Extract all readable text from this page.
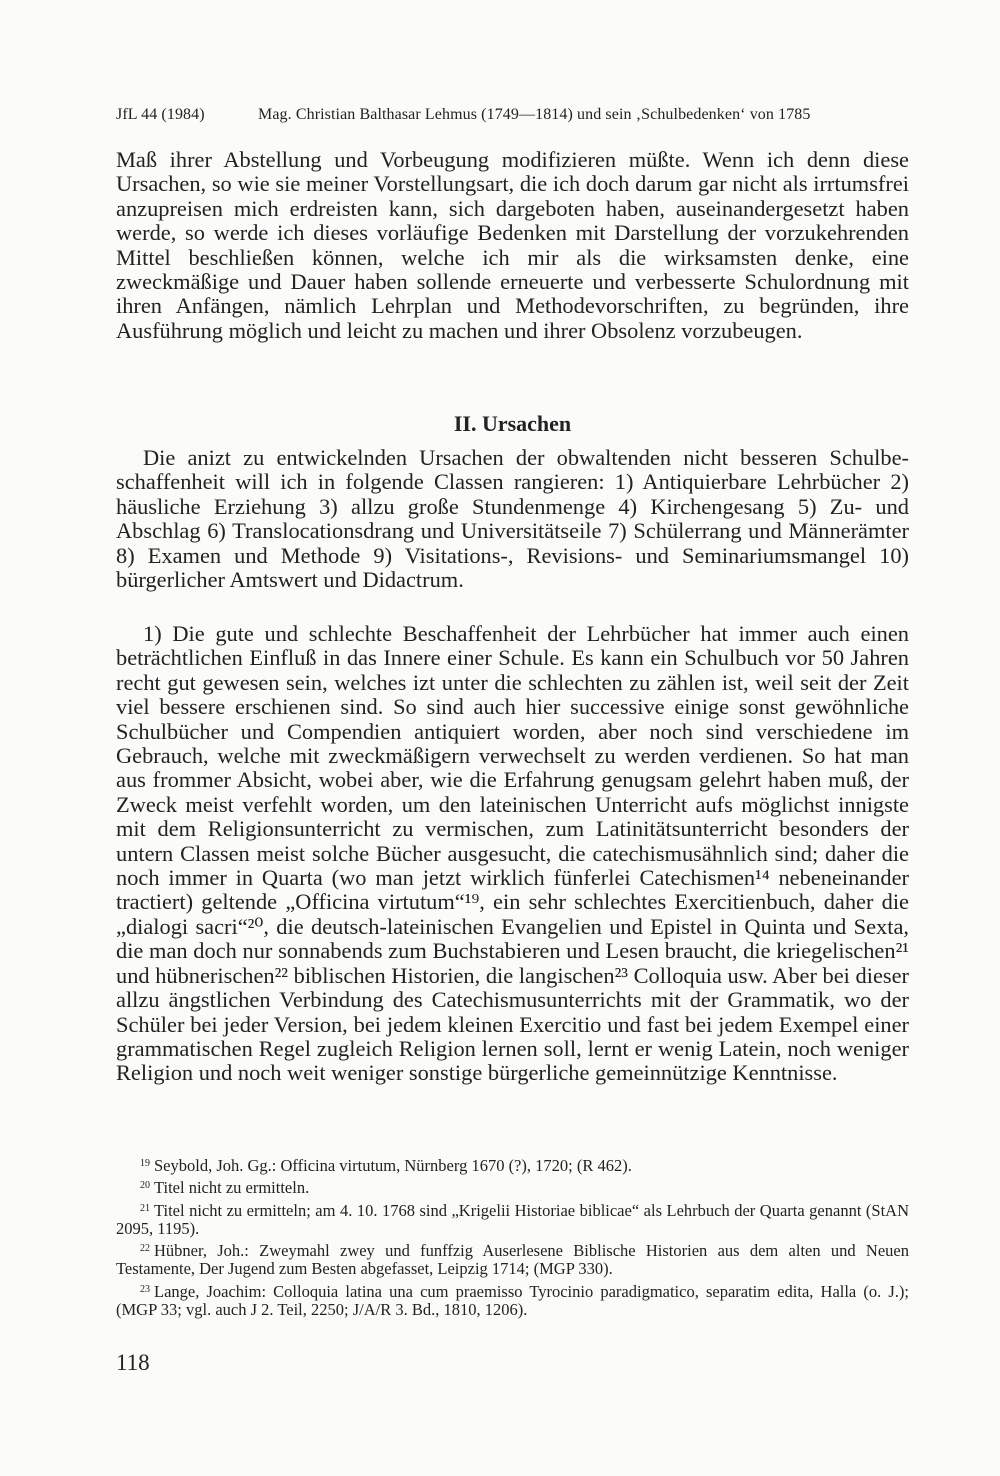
JfL 44 (1984)	Mag. Christian Balthasar Lehmus (1749—1814) und sein ‚Schulbedenken‘ von 1785

Maß ihrer Abstellung und Vorbeugung modifizieren müßte. Wenn ich denn diese Ursachen, so wie sie meiner Vorstellungsart, die ich doch darum gar nicht als irrtumsfrei anzupreisen mich erdreisten kann, sich dargeboten haben, auseinandergesetzt haben werde, so werde ich dieses vorläufige Bedenken mit Darstellung der vorzukehrenden Mittel beschließen können, welche ich mir als die wirksamsten denke, eine zweckmäßige und Dauer haben sollende erneuerte und verbesserte Schulordnung mit ihren Anfängen, nämlich Lehrplan und Methodevorschriften, zu begründen, ihre Ausführung möglich und leicht zu machen und ihrer Obsolenz vorzubeugen.

II. Ursachen

Die anizt zu entwickelnden Ursachen der obwaltenden nicht besseren Schulbeschaffenheit will ich in folgende Classen rangieren: 1) Antiquierbare Lehrbücher 2) häusliche Erziehung 3) allzu große Stundenmenge 4) Kirchengesang 5) Zu- und Abschlag 6) Translocationsdrang und Universitätseile 7) Schülerrang und Männerämter 8) Examen und Methode 9) Visitations-, Revisions- und Seminariumsmangel 10) bürgerlicher Amtswert und Didactrum.

1) Die gute und schlechte Beschaffenheit der Lehrbücher hat immer auch einen beträchtlichen Einfluß in das Innere einer Schule. Es kann ein Schulbuch vor 50 Jahren recht gut gewesen sein, welches izt unter die schlechten zu zählen ist, weil seit der Zeit viel bessere erschienen sind. So sind auch hier successive einige sonst gewöhnliche Schulbücher und Compendien antiquiert worden, aber noch sind verschiedene im Gebrauch, welche mit zweckmäßigern verwechselt zu werden verdienen. So hat man aus frommer Absicht, wobei aber, wie die Erfahrung genugsam gelehrt haben muß, der Zweck meist verfehlt worden, um den lateinischen Unterricht aufs möglichst innigste mit dem Religionsunterricht zu vermischen, zum Latinitätsunterricht besonders der untern Classen meist solche Bücher ausgesucht, die catechismusähnlich sind; daher die noch immer in Quarta (wo man jetzt wirklich fünferlei Catechismen¹⁴ nebeneinander tractiert) geltende „Officina virtutum“¹⁹, ein sehr schlechtes Exercitienbuch, daher die „dialogi sacri“²⁰, die deutsch-lateinischen Evangelien und Epistel in Quinta und Sexta, die man doch nur sonnabends zum Buchstabieren und Lesen braucht, die kriegelischen²¹ und hübnerischen²² biblischen Historien, die langischen²³ Colloquia usw. Aber bei dieser allzu ängstlichen Verbindung des Catechismusunterrichts mit der Grammatik, wo der Schüler bei jeder Version, bei jedem kleinen Exercitio und fast bei jedem Exempel einer grammatischen Regel zugleich Religion lernen soll, lernt er wenig Latein, noch weniger Religion und noch weit weniger sonstige bürgerliche gemeinnützige Kenntnisse.

$^{19}$ Seybold, Joh. Gg.: Officina virtutum, Nürnberg 1670 (?), 1720; (R 462).

$^{20}$ Titel nicht zu ermitteln.

$^{21}$ Titel nicht zu ermitteln; am 4. 10. 1768 sind „Krigelii Historiae biblicae“ als Lehrbuch der Quarta genannt (StAN 2095, 1195).

$^{22}$ Hübner, Joh.: Zweymahl zwey und funffzig Auserlesene Biblische Historien aus dem alten und Neuen Testamente, Der Jugend zum Besten abgefasset, Leipzig 1714; (MGP 330).

$^{23}$ Lange, Joachim: Colloquia latina una cum praemisso Tyrocinio paradigmatico, separatim edita, Halla (o. J.); (MGP 33; vgl. auch J 2. Teil, 2250; J/A/R 3. Bd., 1810, 1206).

118
